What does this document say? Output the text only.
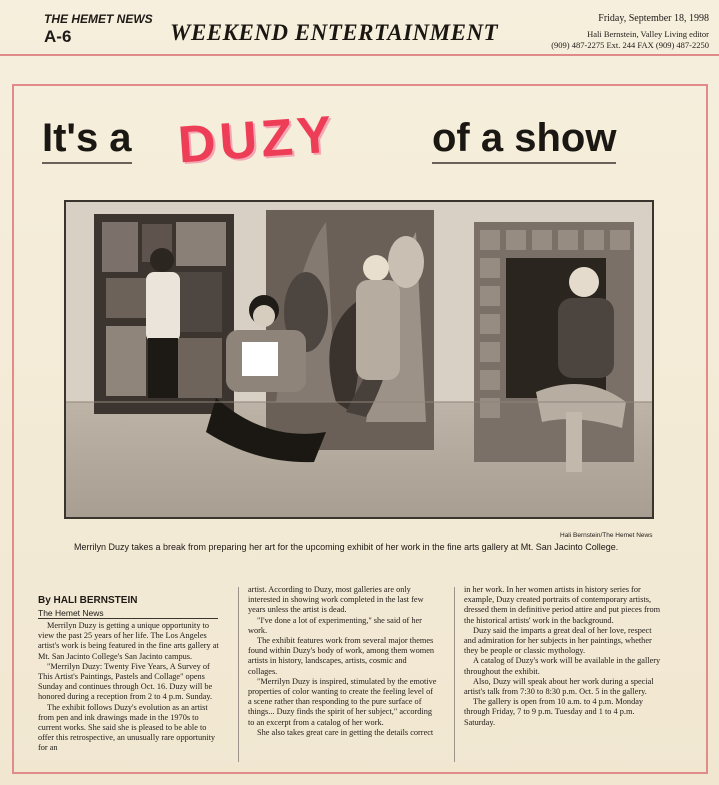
THE HEMET NEWS
A-6	WEEKEND ENTERTAINMENT
Friday, September 18, 1998
Hali Bernstein, Valley Living editor
(909) 487-2275 Ext. 244 FAX (909) 487-2250
It's a DUZY of a show
Hali Bernstein/The Hemet News
Merrilyn Duzy takes a break from preparing her art for the upcoming exhibit of her work in the fine arts gallery at Mt. San Jacinto College.
By HALI BERNSTEIN
The Hemet News

Merrilyn Duzy is getting a unique opportunity to view the past 25 years of her life. The Los Angeles artist's work is being featured in the fine arts gallery at Mt. San Jacinto College's San Jacinto campus.

"Merrilyn Duzy: Twenty Five Years, A Survey of This Artist's Paintings, Pastels and Collage" opens Sunday and continues through Oct. 16. Duzy will be honored during a reception from 2 to 4 p.m. Sunday.

The exhibit follows Duzy's evolution as an artist from pen and ink drawings made in the 1970s to current works. She said she is pleased to be able to offer this retrospective, an unusually rare opportunity for an

artist. According to Duzy, most galleries are only interested in showing work completed in the last few years unless the artist is dead.

"I've done a lot of experimenting," she said of her work.

The exhibit features work from several major themes found within Duzy's body of work, among them women artists in history, landscapes, artists, cosmic and collages.

"Merrilyn Duzy is inspired, stimulated by the emotive properties of color wanting to create the feeling level of a scene rather than responding to the pure surface of things... Duzy finds the spirit of her subject," according to an excerpt from a catalog of her work.

She also takes great care in getting the details correct

in her work. In her women artists in history series for example, Duzy created portraits of contemporary artists, dressed them in definitive period attire and put pieces from the historical artists' work in the background.

Duzy said the imparts a great deal of her love, respect and admiration for her subjects in her paintings, whether they be people or classic mythology.

A catalog of Duzy's work will be available in the gallery throughout the exhibit.

Also, Duzy will speak about her work during a special artist's talk from 7:30 to 8:30 p.m. Oct. 5 in the gallery.

The gallery is open from 10 a.m. to 4 p.m. Monday through Friday, 7 to 9 p.m. Tuesday and 1 to 4 p.m. Saturday.
